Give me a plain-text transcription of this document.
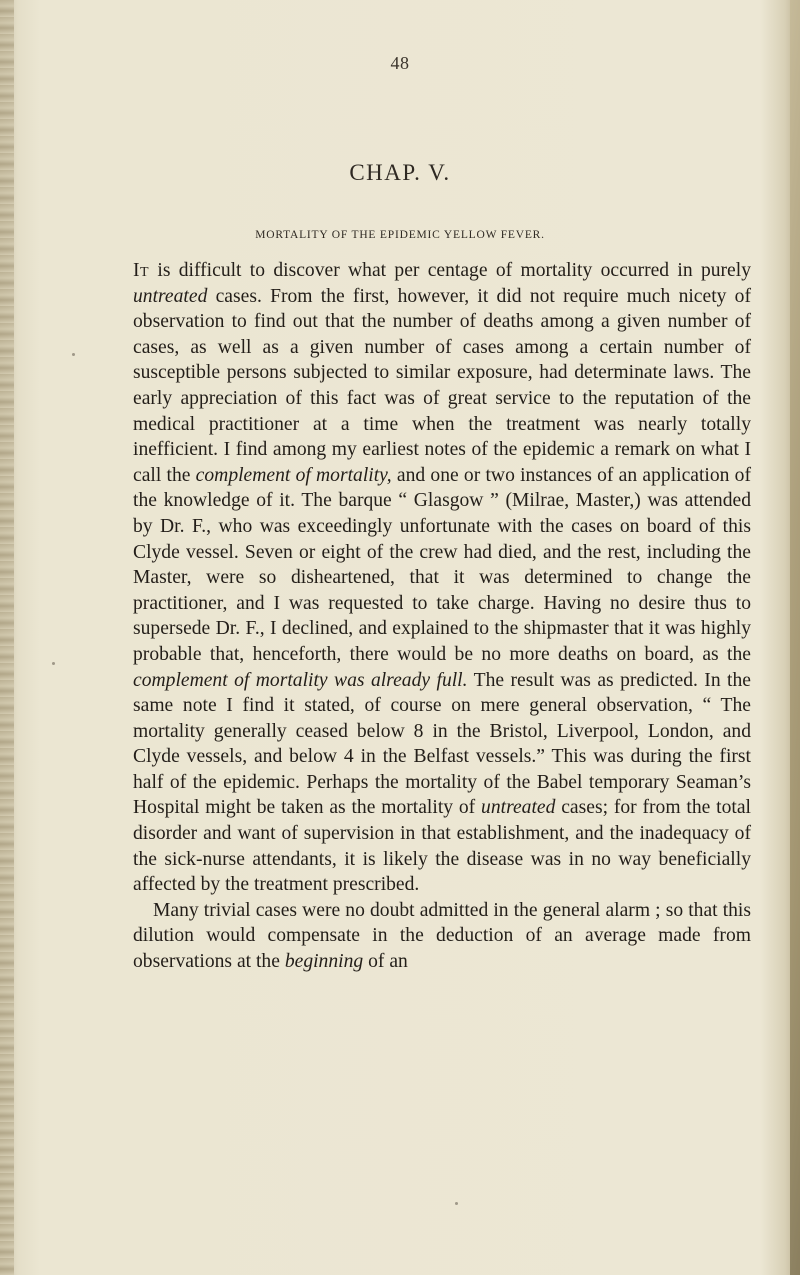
48
CHAP. V.
MORTALITY OF THE EPIDEMIC YELLOW FEVER.

It is difficult to discover what per centage of mortality occurred in purely untreated cases. From the first, however, it did not require much nicety of observation to find out that the number of deaths among a given number of cases, as well as a given number of cases among a certain number of susceptible persons subjected to similar exposure, had determinate laws. The early appreciation of this fact was of great service to the reputation of the medical practitioner at a time when the treatment was nearly totally inefficient. I find among my earliest notes of the epidemic a remark on what I call the complement of mortality, and one or two instances of an application of the knowledge of it. The barque “ Glasgow ” (Milrae, Master,) was attended by Dr. F., who was exceedingly unfortunate with the cases on board of this Clyde vessel. Seven or eight of the crew had died, and the rest, including the Master, were so disheartened, that it was determined to change the practitioner, and I was requested to take charge. Having no desire thus to supersede Dr. F., I declined, and explained to the shipmaster that it was highly probable that, henceforth, there would be no more deaths on board, as the complement of mortality was already full. The result was as predicted. In the same note I find it stated, of course on mere general observation, “ The mortality generally ceased below 8 in the Bristol, Liverpool, London, and Clyde vessels, and below 4 in the Belfast vessels.” This was during the first half of the epidemic. Perhaps the mortality of the Babel temporary Seaman’s Hospital might be taken as the mortality of untreated cases; for from the total disorder and want of supervision in that establishment, and the inadequacy of the sick-nurse attendants, it is likely the disease was in no way beneficially affected by the treatment prescribed.

Many trivial cases were no doubt admitted in the general alarm ; so that this dilution would compensate in the deduction of an average made from observations at the beginning of an
